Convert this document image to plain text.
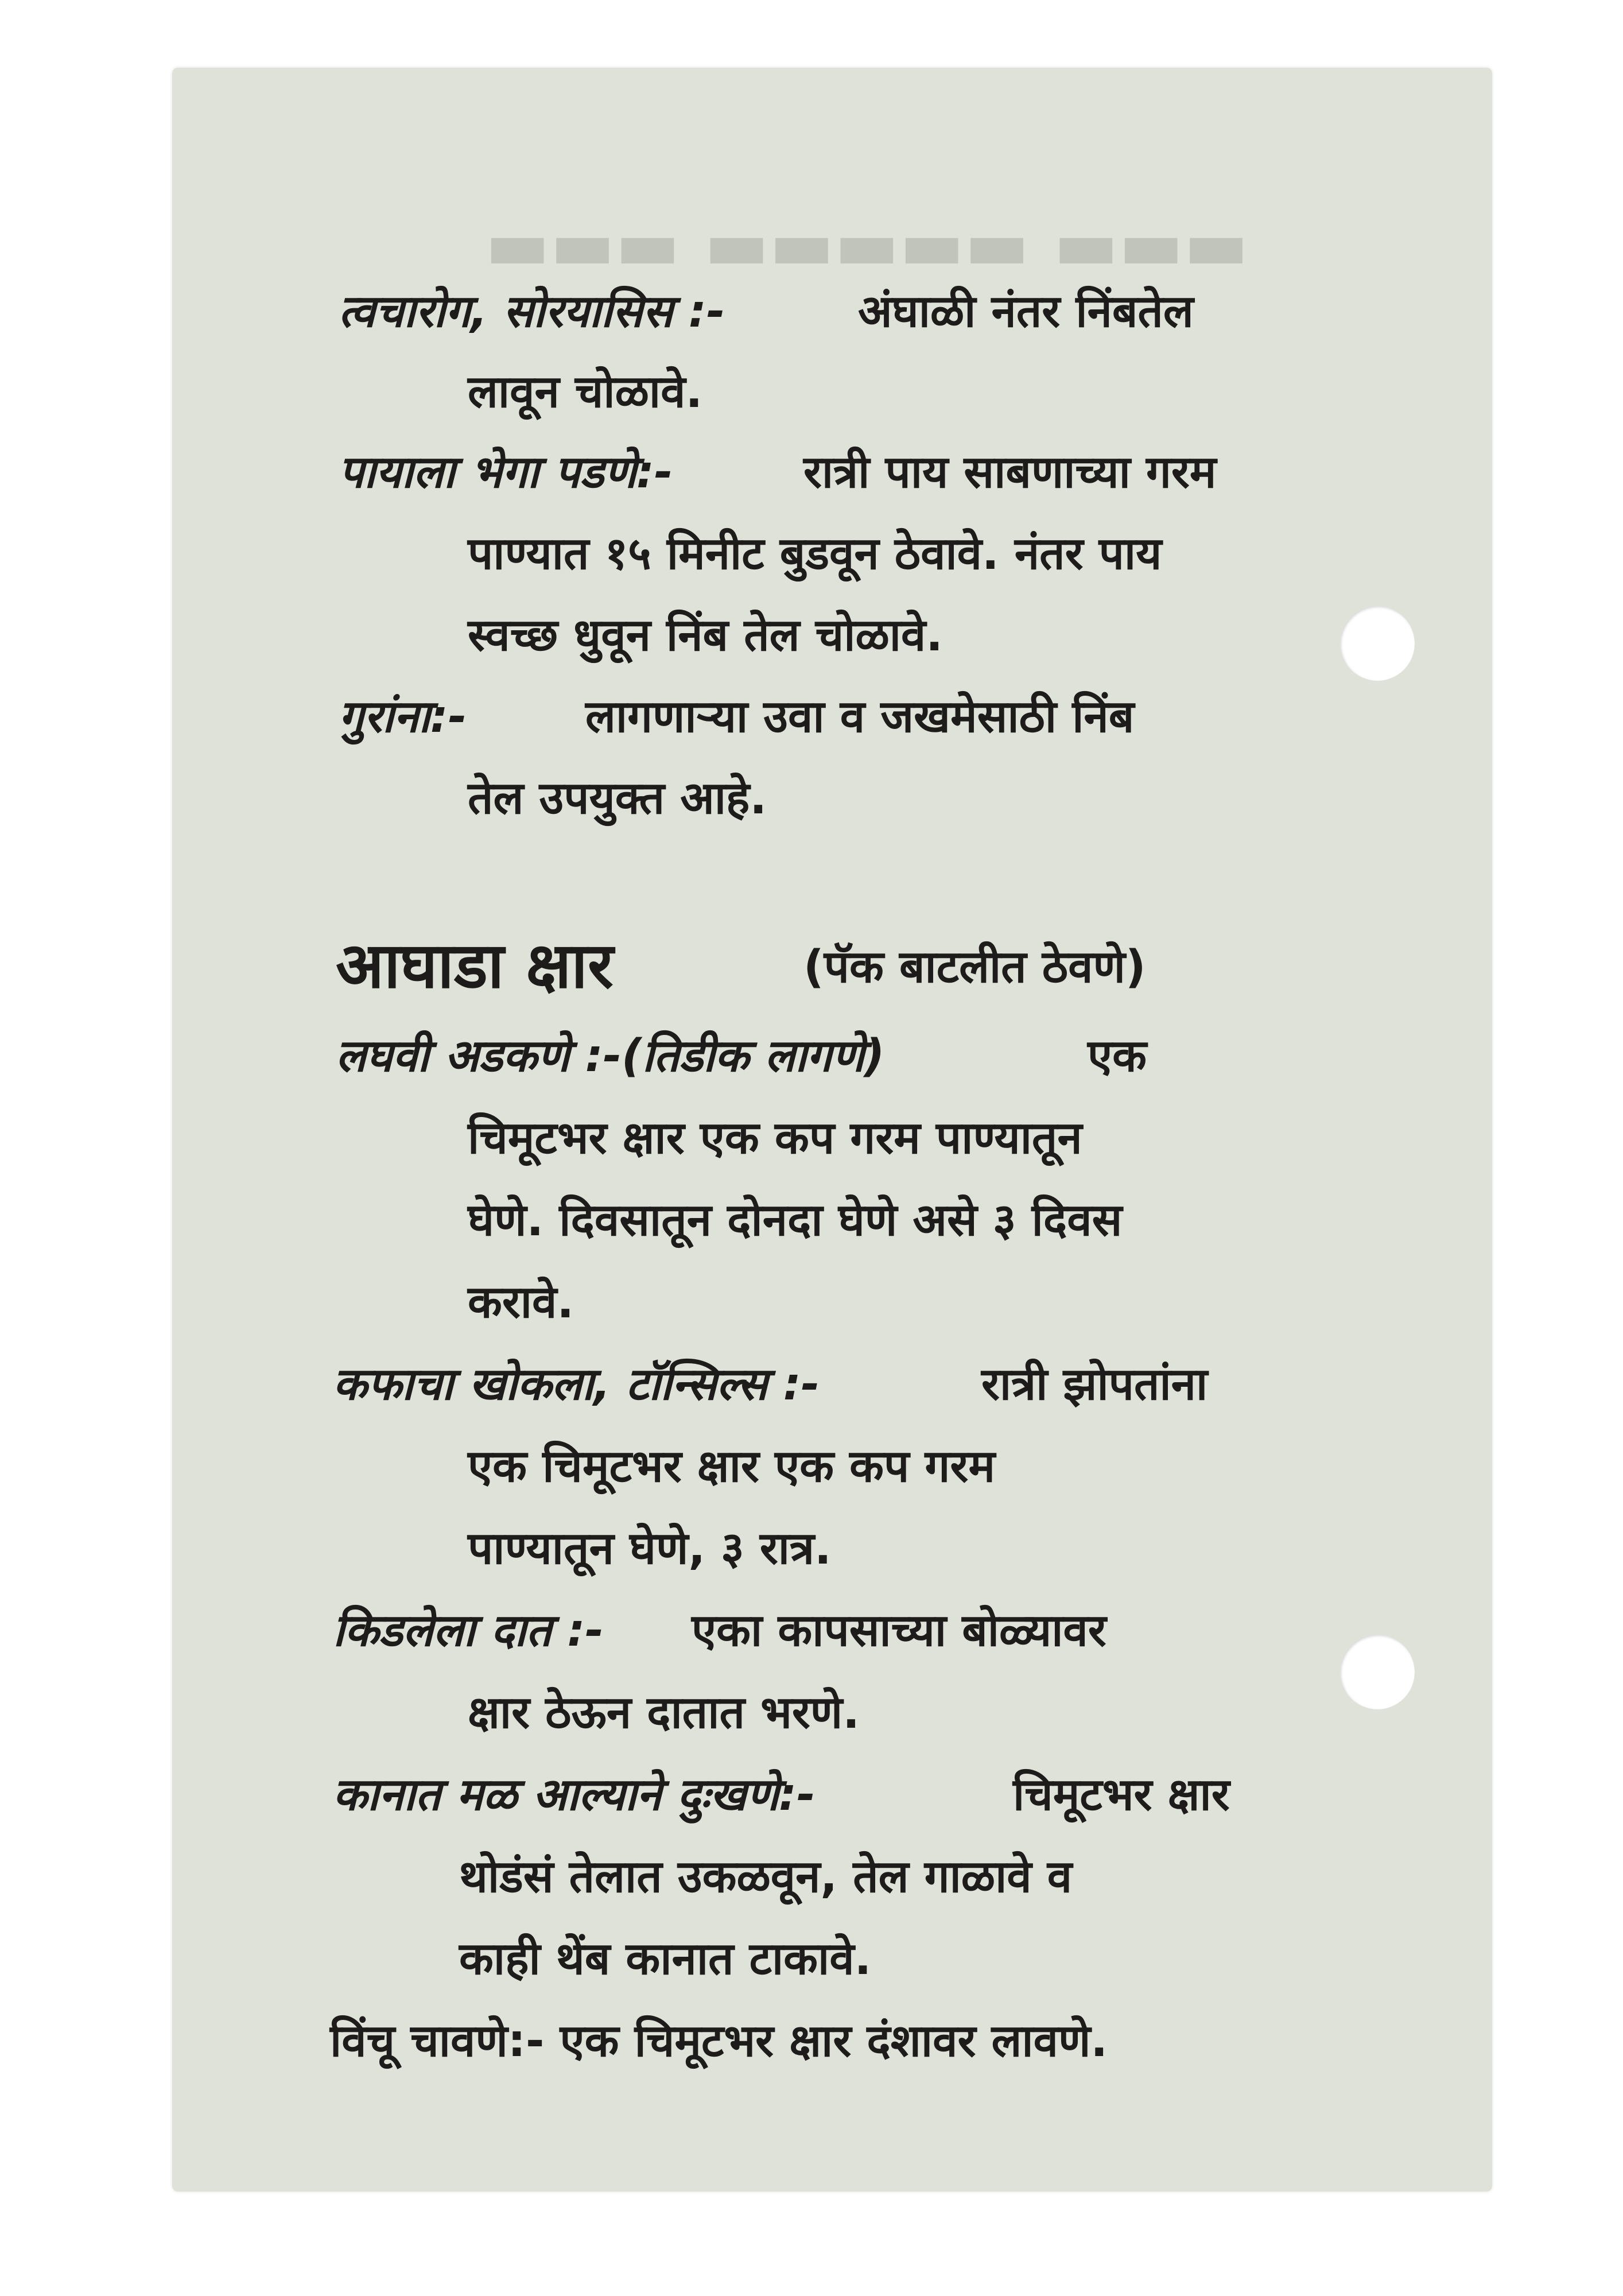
▬▬▬ ▬▬▬▬▬ ▬▬▬
त्वचारोग, सोरयासिस :-	अंघाळी नंतर निंबतेल
लावून चोळावे.
पायाला भेगा पडणे:-	रात्री पाय साबणाच्या गरम
पाण्यात १५ मिनीट बुडवून ठेवावे. नंतर पाय
स्वच्छ धुवून निंब तेल चोळावे.
गुरांना:-	लागणाऱ्या उवा व जखमेसाठी निंब
तेल उपयुक्त आहे.
आघाडा क्षार	(पॅक बाटलीत ठेवणे)
लघवी अडकणे :-(तिडीक लागणे)	एक
चिमूटभर क्षार एक कप गरम पाण्यातून
घेणे. दिवसातून दोनदा घेणे असे ३ दिवस
करावे.
कफाचा खोकला, टॉन्सिल्स :-	रात्री झोपतांना
एक चिमूटभर क्षार एक कप गरम
पाण्यातून घेणे, ३ रात्र.
किडलेला दात :- एका कापसाच्या बोळ्यावर
क्षार ठेऊन दातात भरणे.
कानात मळ आल्याने दुःखणे:-	चिमूटभर क्षार
थोडंसं तेलात उकळवून, तेल गाळावे व
काही थेंब कानात टाकावे.
विंचू चावणे:- एक चिमूटभर क्षार दंशावर लावणे.
